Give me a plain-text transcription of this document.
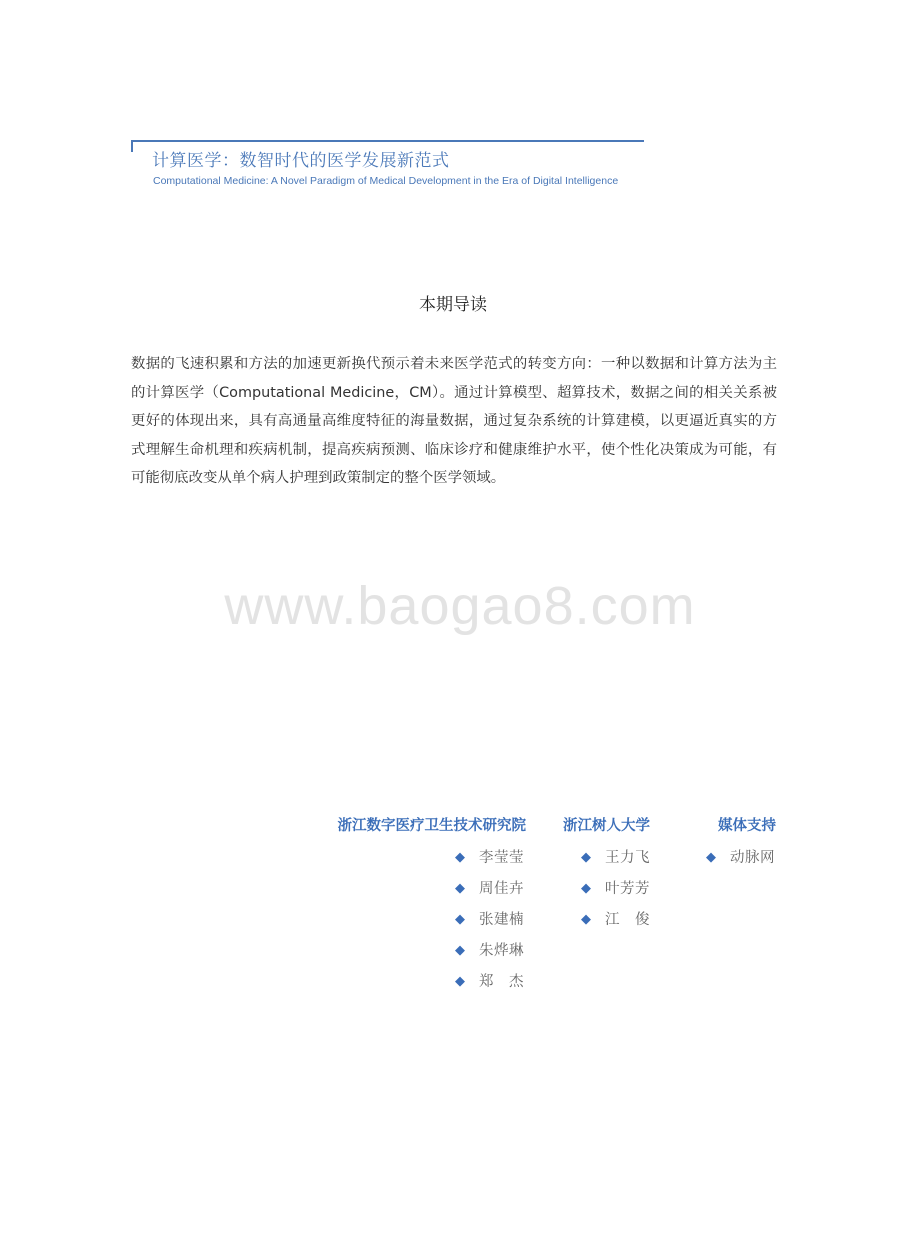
计算医学：数智时代的医学发展新范式
Computational Medicine: A Novel Paradigm of Medical Development in the Era of Digital Intelligence
本期导读

数据的飞速积累和方法的加速更新换代预示着未来医学范式的转变方向：一种以数据和计算方法为主的计算医学（Computational Medicine，CM）。通过计算模型、超算技术，数据之间的相关关系被更好的体现出来，具有高通量高维度特征的海量数据，通过复杂系统的计算建模，以更逼近真实的方式理解生命机理和疾病机制，提高疾病预测、临床诊疗和健康维护水平，使个性化决策成为可能，有可能彻底改变从单个病人护理到政策制定的整个医学领域。

www.baogao8.com
浙江数字医疗卫生技术研究院
◆ 李莹莹
◆ 周佳卉
◆ 张建楠
◆ 朱烨琳
◆ 郑　杰
浙江树人大学
◆ 王力飞
◆ 叶芳芳
◆ 江　俊
媒体支持
◆ 动脉网
